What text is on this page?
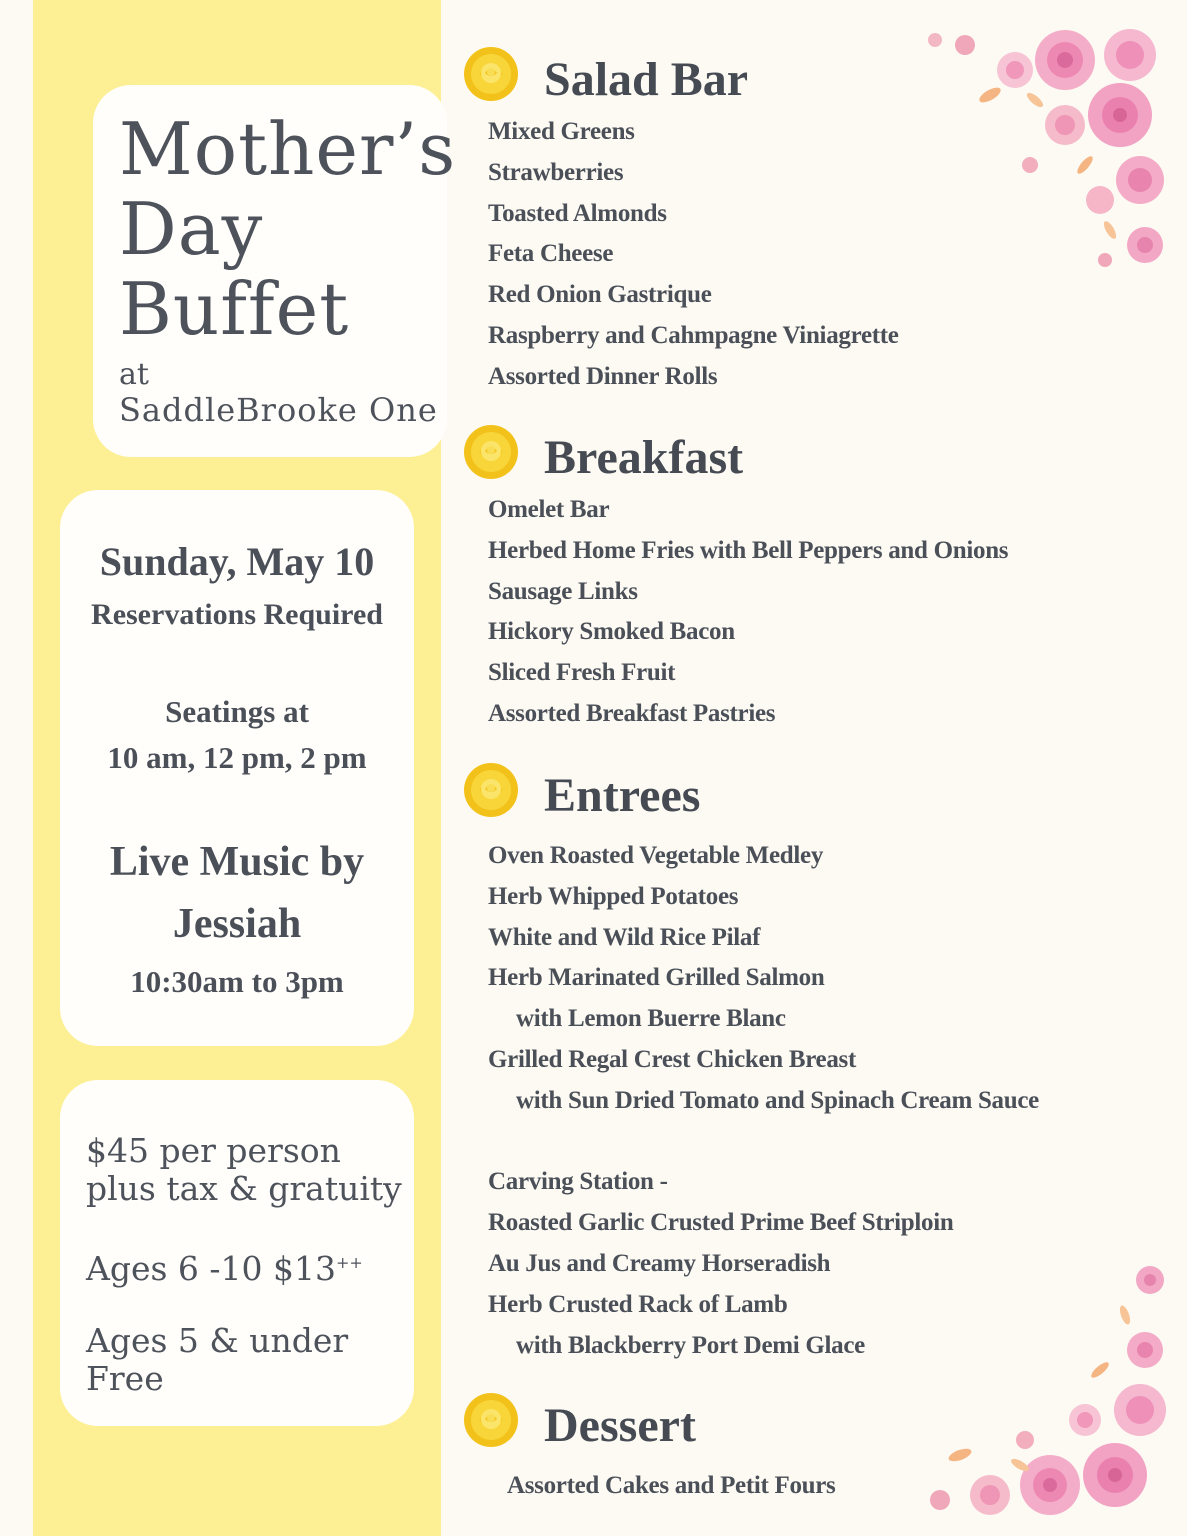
Mother’s
Day
Buffet
at
SaddleBrooke One
Sunday, May 10
Reservations Required
Seatings at
10 am, 12 pm, 2 pm
Live Music by
Jessiah
10:30am to 3pm
$45 per person
plus tax & gratuity
Ages 6 -10 $13++
Ages 5 & under
Free
Salad Bar
Mixed Greens
Strawberries
Toasted Almonds
Feta Cheese
Red Onion Gastrique
Raspberry and Cahmpagne Viniagrette
Assorted Dinner Rolls
Breakfast
Omelet Bar
Herbed Home Fries with Bell Peppers and Onions
Sausage Links
Hickory Smoked Bacon
Sliced Fresh Fruit
Assorted Breakfast Pastries
Entrees
Oven Roasted Vegetable Medley
Herb Whipped Potatoes
White and Wild Rice Pilaf
Herb Marinated Grilled Salmon
with Lemon Buerre Blanc
Grilled Regal Crest Chicken Breast
with Sun Dried Tomato and Spinach Cream Sauce
Carving Station -
Roasted Garlic Crusted Prime Beef Striploin
Au Jus and Creamy Horseradish
Herb Crusted Rack of Lamb
with Blackberry Port Demi Glace
Dessert
Assorted Cakes and Petit Fours
